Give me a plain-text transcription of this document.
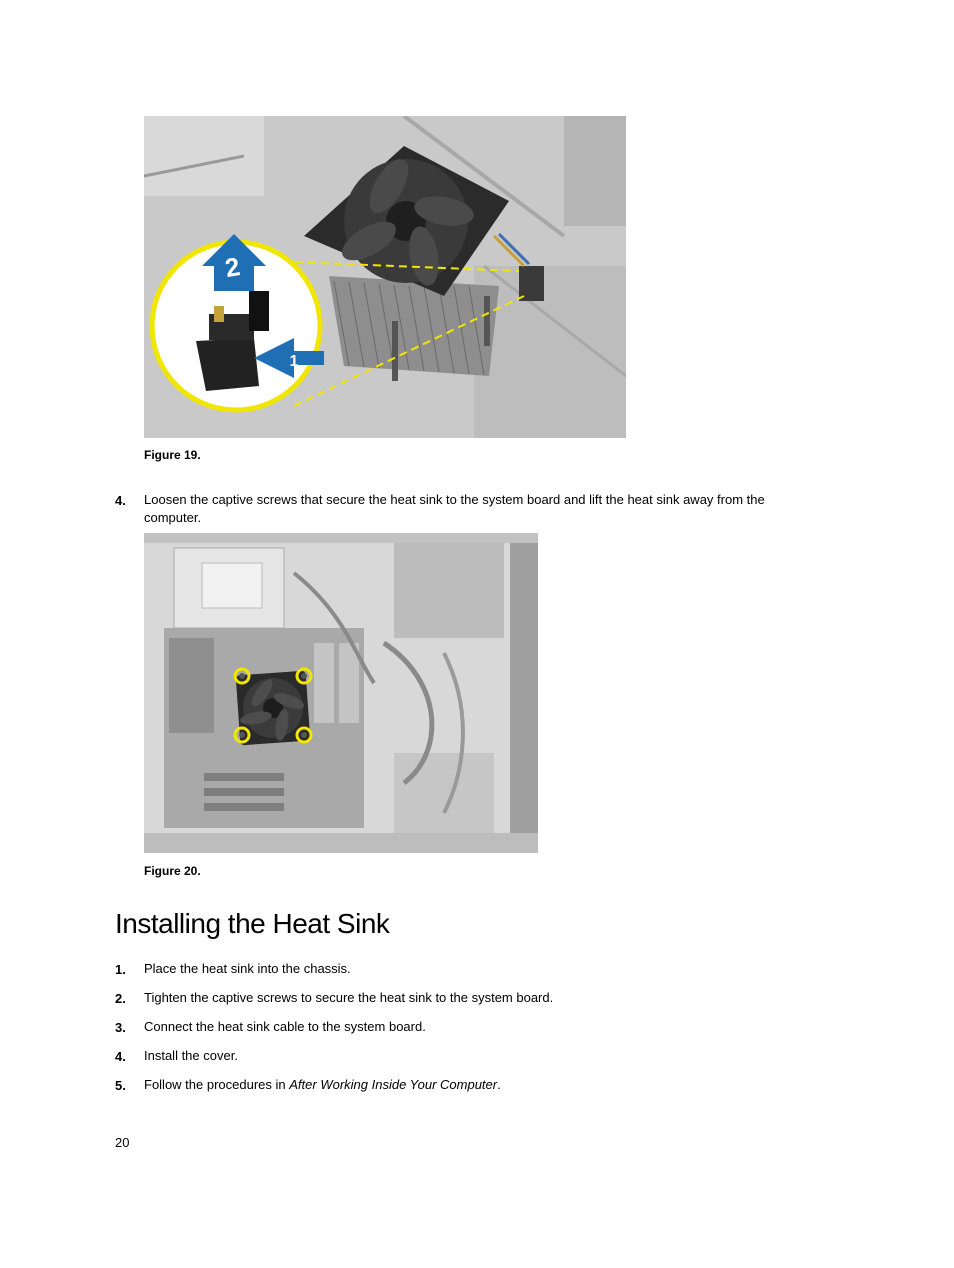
2
1
Figure 19.
4. Loosen the captive screws that secure the heat sink to the system board and lift the heat sink away from the computer.
Figure 20.
Installing the Heat Sink
1. Place the heat sink into the chassis.
2. Tighten the captive screws to secure the heat sink to the system board.
3. Connect the heat sink cable to the system board.
4. Install the cover.
5. Follow the procedures in After Working Inside Your Computer.
20
